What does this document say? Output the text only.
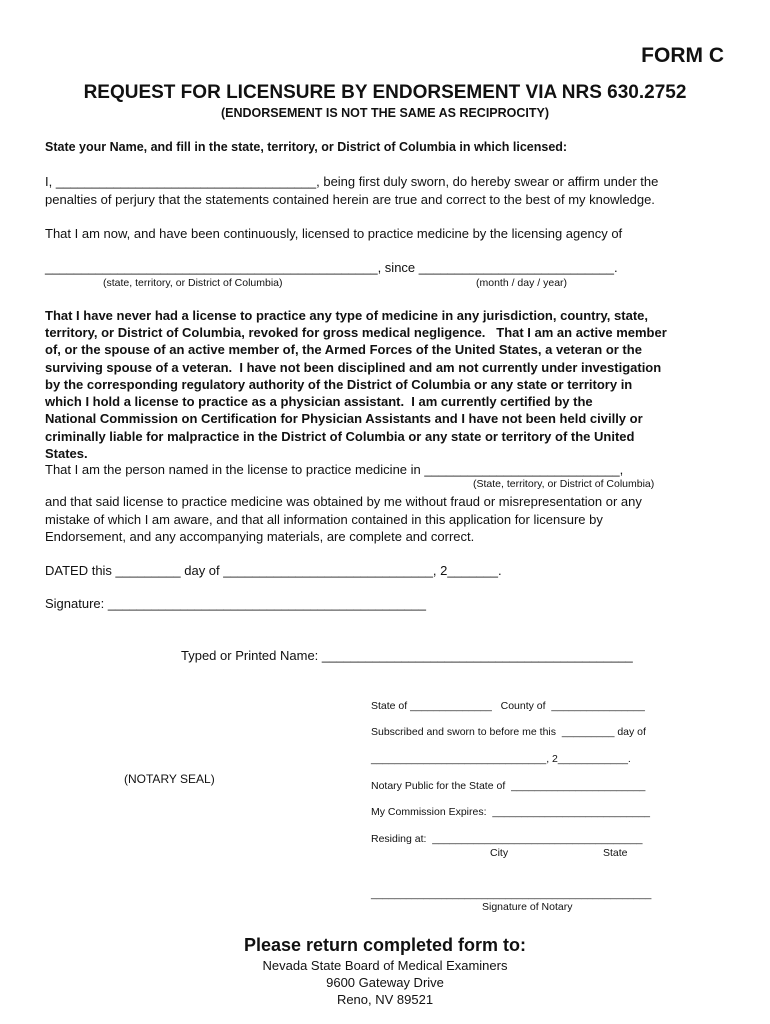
FORM C
REQUEST FOR LICENSURE BY ENDORSEMENT VIA NRS 630.2752
(ENDORSEMENT IS NOT THE SAME AS RECIPROCITY)
State your Name, and fill in the state, territory, or District of Columbia in which licensed:
I, ____________________________________, being first duly sworn, do hereby swear or affirm under the
penalties of perjury that the statements contained herein are true and correct to the best of my knowledge.
That I am now, and have been continuously, licensed to practice medicine by the licensing agency of
______________________________________________, since ___________________________.
(state, territory, or District of Columbia)	(month / day / year)
That I have never had a license to practice any type of medicine in any jurisdiction, country, state,
territory, or District of Columbia, revoked for gross medical negligence.   That I am an active member
of, or the spouse of an active member of, the Armed Forces of the United States, a veteran or the
surviving spouse of a veteran.  I have not been disciplined and am not currently under investigation
by the corresponding regulatory authority of the District of Columbia or any state or territory in
which I hold a license to practice as a physician assistant.  I am currently certified by the
National Commission on Certification for Physician Assistants and I have not been held civilly or
criminally liable for malpractice in the District of Columbia or any state or territory of the United
States.
That I am the person named in the license to practice medicine in ___________________________,
(State, territory, or District of Columbia)
and that said license to practice medicine was obtained by me without fraud or misrepresentation or any
mistake of which I am aware, and that all information contained in this application for licensure by
Endorsement, and any accompanying materials, are complete and correct.
DATED this _________ day of _____________________________, 2_______.
Signature: ____________________________________________
Typed or Printed Name: ___________________________________________
State of ______________   County of  ________________
Subscribed and sworn to before me this  _________ day of
______________________________, 2____________.
(NOTARY SEAL)	Notary Public for the State of  _______________________
My Commission Expires:  ___________________________
Residing at:  ____________________________________
City	State
________________________________________________
Signature of Notary
Please return completed form to:
Nevada State Board of Medical Examiners
9600 Gateway Drive
Reno, NV 89521
